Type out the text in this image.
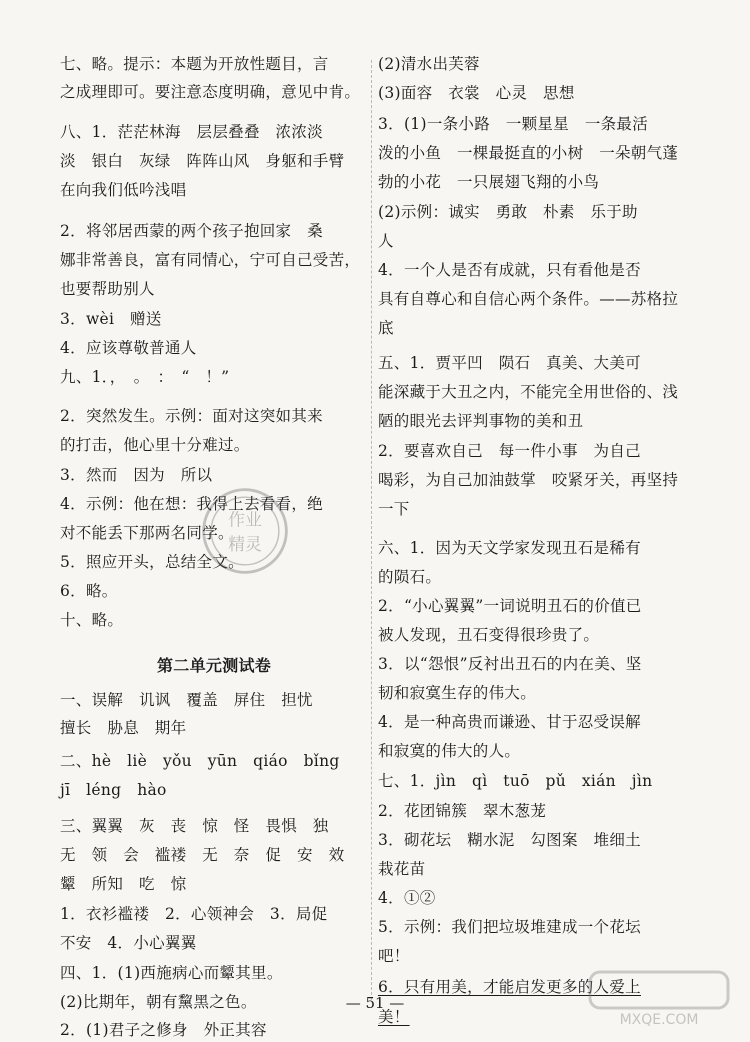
七、略。提示：本题为开放性题目，言
之成理即可。要注意态度明确，意见中肯。
八、1．茫茫林海　层层叠叠　浓浓淡
淡　银白　灰绿　阵阵山风　身躯和手臂
在向我们低吟浅唱
2．将邻居西蒙的两个孩子抱回家　桑
娜非常善良，富有同情心，宁可自己受苦，
也要帮助别人
3．wèi　赠送
4．应该尊敬普通人
九、1．，　。　：　“　！”
2．突然发生。示例：面对这突如其来
的打击，他心里十分难过。
3．然而　因为　所以
4．示例：他在想：我得上去看看，绝
对不能丢下那两名同学。
5．照应开头，总结全文。
6．略。
十、略。
第二单元测试卷
一、误解　讥讽　覆盖　屏住　担忧
擅长　胁息　期年
二、hè　liè　yǒu　yūn　qiáo　bǐng
jī　léng　hào
三、翼翼　灰　丧　惊　怪　畏惧　独
无　领　会　褴褛　无　奈　促　安　效
颦　所知　吃　惊
1．衣衫褴褛　2．心领神会　3．局促
不安　4．小心翼翼
四、1．(1)西施病心而颦其里。
(2)比期年，朝有黧黑之色。
2．(1)君子之修身　外正其容
(2)清水出芙蓉
(3)面容　衣裳　心灵　思想
3．(1)一条小路　一颗星星　一条最活
泼的小鱼　一棵最挺直的小树　一朵朝气蓬
勃的小花　一只展翅飞翔的小鸟
(2)示例：诚实　勇敢　朴素　乐于助
人
4．一个人是否有成就，只有看他是否
具有自尊心和自信心两个条件。——苏格拉
底
五、1．贾平凹　陨石　真美、大美可
能深藏于大丑之内，不能完全用世俗的、浅
陋的眼光去评判事物的美和丑
2．要喜欢自己　每一件小事　为自己
喝彩，为自己加油鼓掌　咬紧牙关，再坚持
一下
六、1．因为天文学家发现丑石是稀有
的陨石。
2．“小心翼翼”一词说明丑石的价值已
被人发现，丑石变得很珍贵了。
3．以“怨恨”反衬出丑石的内在美、坚
韧和寂寞生存的伟大。
4．是一种高贵而谦逊、甘于忍受误解
和寂寞的伟大的人。
七、1．jìn　qì　tuō　pǔ　xián　jìn
2．花团锦簇　翠木葱茏
3．砌花坛　糊水泥　勾图案　堆细土
栽花苗
4．①②
5．示例：我们把垃圾堆建成一个花坛
吧！
6．只有用美，才能启发更多的人爱上
美！
— 51 —
作业
精灵
MXQE.COM
